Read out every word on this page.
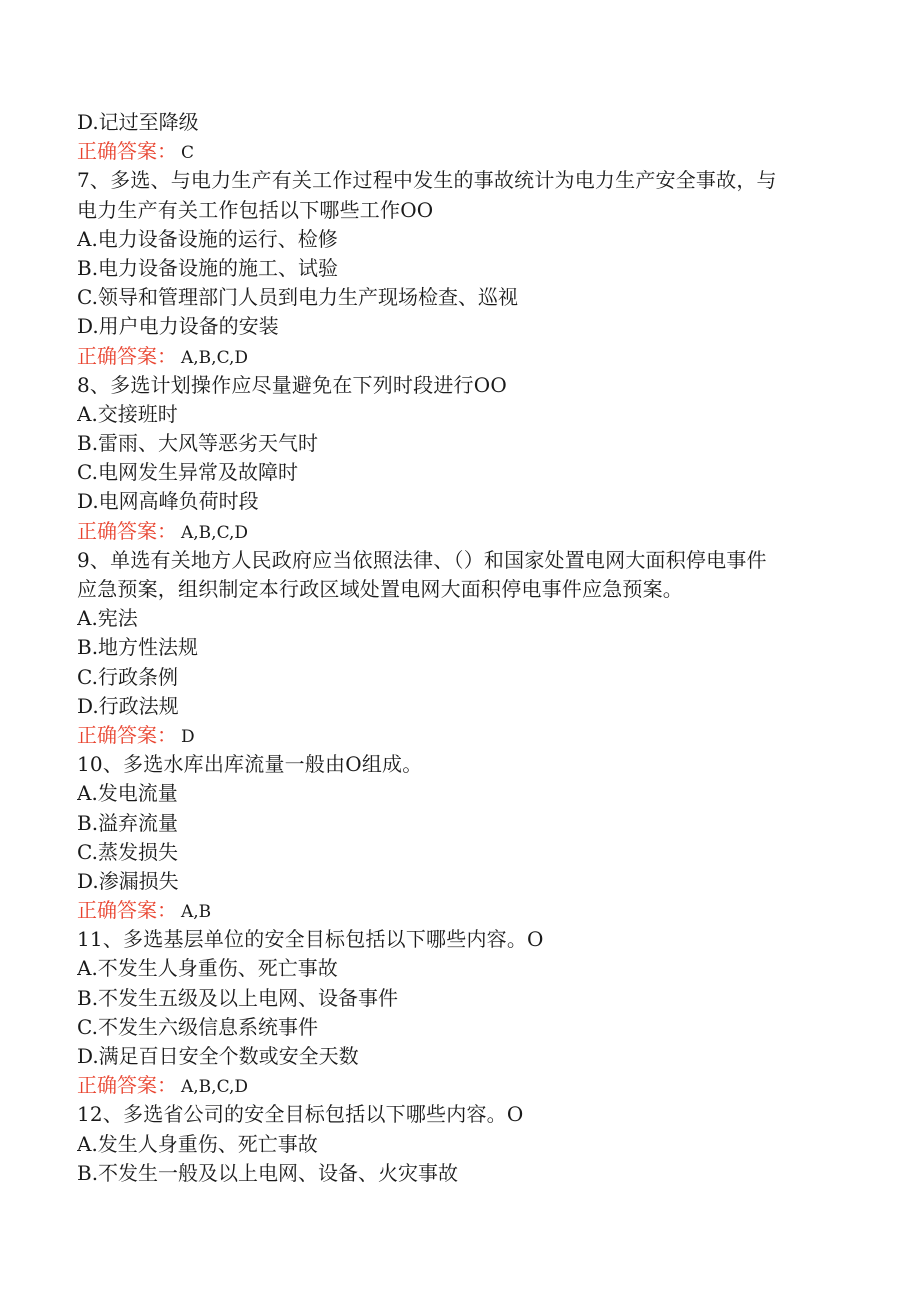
D.记过至降级
正确答案： C
7、多选、与电力生产有关工作过程中发生的事故统计为电力生产安全事故，与
电力生产有关工作包括以下哪些工作OO
A.电力设备设施的运行、检修
B.电力设备设施的施工、试验
C.领导和管理部门人员到电力生产现场检查、巡视
D.用户电力设备的安装
正确答案： A,B,C,D
8、多选计划操作应尽量避免在下列时段进行OO
A.交接班时
B.雷雨、大风等恶劣天气时
C.电网发生异常及故障时
D.电网高峰负荷时段
正确答案： A,B,C,D
9、单选有关地方人民政府应当依照法律、（）和国家处置电网大面积停电事件
应急预案，组织制定本行政区域处置电网大面积停电事件应急预案。
A.宪法
B.地方性法规
C.行政条例
D.行政法规
正确答案： D
10、多选水库出库流量一般由O组成。
A.发电流量
B.溢弃流量
C.蒸发损失
D.渗漏损失
正确答案： A,B
11、多选基层单位的安全目标包括以下哪些内容。O
A.不发生人身重伤、死亡事故
B.不发生五级及以上电网、设备事件
C.不发生六级信息系统事件
D.满足百日安全个数或安全天数
正确答案： A,B,C,D
12、多选省公司的安全目标包括以下哪些内容。O
A.发生人身重伤、死亡事故
B.不发生一般及以上电网、设备、火灾事故
